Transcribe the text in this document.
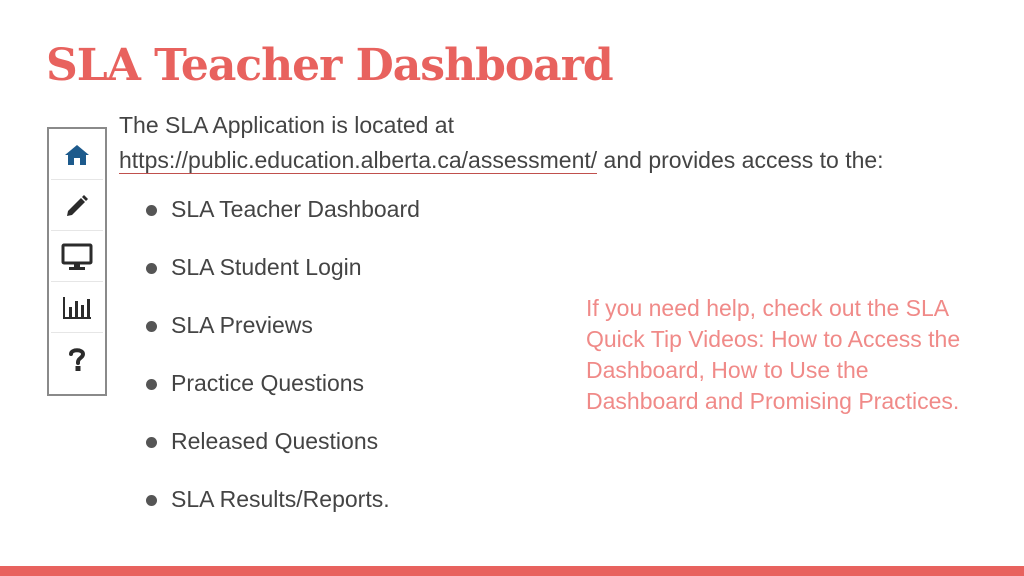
SLA Teacher Dashboard
The SLA Application is located at
https://public.education.alberta.ca/assessment/ and provides access to the:
SLA Teacher Dashboard
SLA Student Login
SLA Previews
Practice Questions
Released Questions
SLA Results/Reports.
If you need help, check out the SLA Quick Tip Videos: How to Access the Dashboard, How to Use the Dashboard and Promising Practices.
